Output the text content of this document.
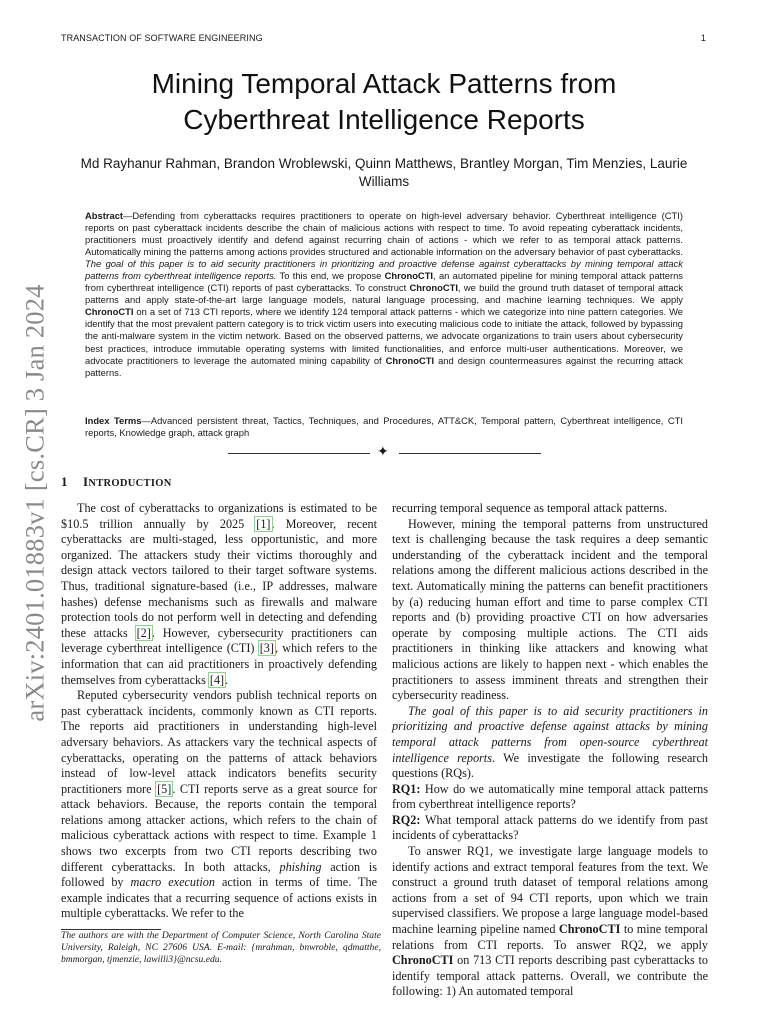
TRANSACTION OF SOFTWARE ENGINEERING	1
arXiv:2401.01883v1 [cs.CR] 3 Jan 2024
Mining Temporal Attack Patterns from Cyberthreat Intelligence Reports
Md Rayhanur Rahman, Brandon Wroblewski, Quinn Matthews, Brantley Morgan, Tim Menzies, Laurie Williams
Abstract—Defending from cyberattacks requires practitioners to operate on high-level adversary behavior. Cyberthreat intelligence (CTI) reports on past cyberattack incidents describe the chain of malicious actions with respect to time. To avoid repeating cyberattack incidents, practitioners must proactively identify and defend against recurring chain of actions - which we refer to as temporal attack patterns. Automatically mining the patterns among actions provides structured and actionable information on the adversary behavior of past cyberattacks. The goal of this paper is to aid security practitioners in prioritizing and proactive defense against cyberattacks by mining temporal attack patterns from cyberthreat intelligence reports. To this end, we propose ChronoCTI, an automated pipeline for mining temporal attack patterns from cyberthreat intelligence (CTI) reports of past cyberattacks. To construct ChronoCTI, we build the ground truth dataset of temporal attack patterns and apply state-of-the-art large language models, natural language processing, and machine learning techniques. We apply ChronoCTI on a set of 713 CTI reports, where we identify 124 temporal attack patterns - which we categorize into nine pattern categories. We identify that the most prevalent pattern category is to trick victim users into executing malicious code to initiate the attack, followed by bypassing the anti-malware system in the victim network. Based on the observed patterns, we advocate organizations to train users about cybersecurity best practices, introduce immutable operating systems with limited functionalities, and enforce multi-user authentications. Moreover, we advocate practitioners to leverage the automated mining capability of ChronoCTI and design countermeasures against the recurring attack patterns.
Index Terms—Advanced persistent threat, Tactics, Techniques, and Procedures, ATT&CK, Temporal pattern, Cyberthreat intelligence, CTI reports, Knowledge graph, attack graph
✦
1 INTRODUCTION

The cost of cyberattacks to organizations is estimated to be $10.5 trillion annually by 2025 [1]. Moreover, recent cyberattacks are multi-staged, less opportunistic, and more organized. The attackers study their victims thoroughly and design attack vectors tailored to their target software systems. Thus, traditional signature-based (i.e., IP addresses, malware hashes) defense mechanisms such as firewalls and malware protection tools do not perform well in detecting and defending these attacks [2]. However, cybersecurity practitioners can leverage cyberthreat intelligence (CTI) [3], which refers to the information that can aid practitioners in proactively defending themselves from cyberattacks [4].

Reputed cybersecurity vendors publish technical reports on past cyberattack incidents, commonly known as CTI reports. The reports aid practitioners in understanding high-level adversary behaviors. As attackers vary the technical aspects of cyberattacks, operating on the patterns of attack behaviors instead of low-level attack indicators benefits security practitioners more [5]. CTI reports serve as a great source for attack behaviors. Because, the reports contain the temporal relations among attacker actions, which refers to the chain of malicious cyberattack actions with respect to time. Example 1 shows two excerpts from two CTI reports describing two different cyberattacks. In both attacks, phishing action is followed by macro execution action in terms of time. The example indicates that a recurring sequence of actions exists in multiple cyberattacks. We refer to the

The authors are with the Department of Computer Science, North Carolina State University, Raleigh, NC 27606 USA. E-mail: {mrahman, bnwroble, qdmatthe, bmmorgan, tjmenzie, lawilli3}@ncsu.edu.

recurring temporal sequence as temporal attack patterns.

However, mining the temporal patterns from unstructured text is challenging because the task requires a deep semantic understanding of the cyberattack incident and the temporal relations among the different malicious actions described in the text. Automatically mining the patterns can benefit practitioners by (a) reducing human effort and time to parse complex CTI reports and (b) providing proactive CTI on how adversaries operate by composing multiple actions. The CTI aids practitioners in thinking like attackers and knowing what malicious actions are likely to happen next - which enables the practitioners to assess imminent threats and strengthen their cybersecurity readiness.

The goal of this paper is to aid security practitioners in prioritizing and proactive defense against attacks by mining temporal attack patterns from open-source cyberthreat intelligence reports. We investigate the following research questions (RQs).

RQ1: How do we automatically mine temporal attack patterns from cyberthreat intelligence reports?

RQ2: What temporal attack patterns do we identify from past incidents of cyberattacks?

To answer RQ1, we investigate large language models to identify actions and extract temporal features from the text. We construct a ground truth dataset of temporal relations among actions from a set of 94 CTI reports, upon which we train supervised classifiers. We propose a large language model-based machine learning pipeline named ChronoCTI to mine temporal relations from CTI reports. To answer RQ2, we apply ChronoCTI on 713 CTI reports describing past cyberattacks to identify temporal attack patterns. Overall, we contribute the following: 1) An automated temporal
